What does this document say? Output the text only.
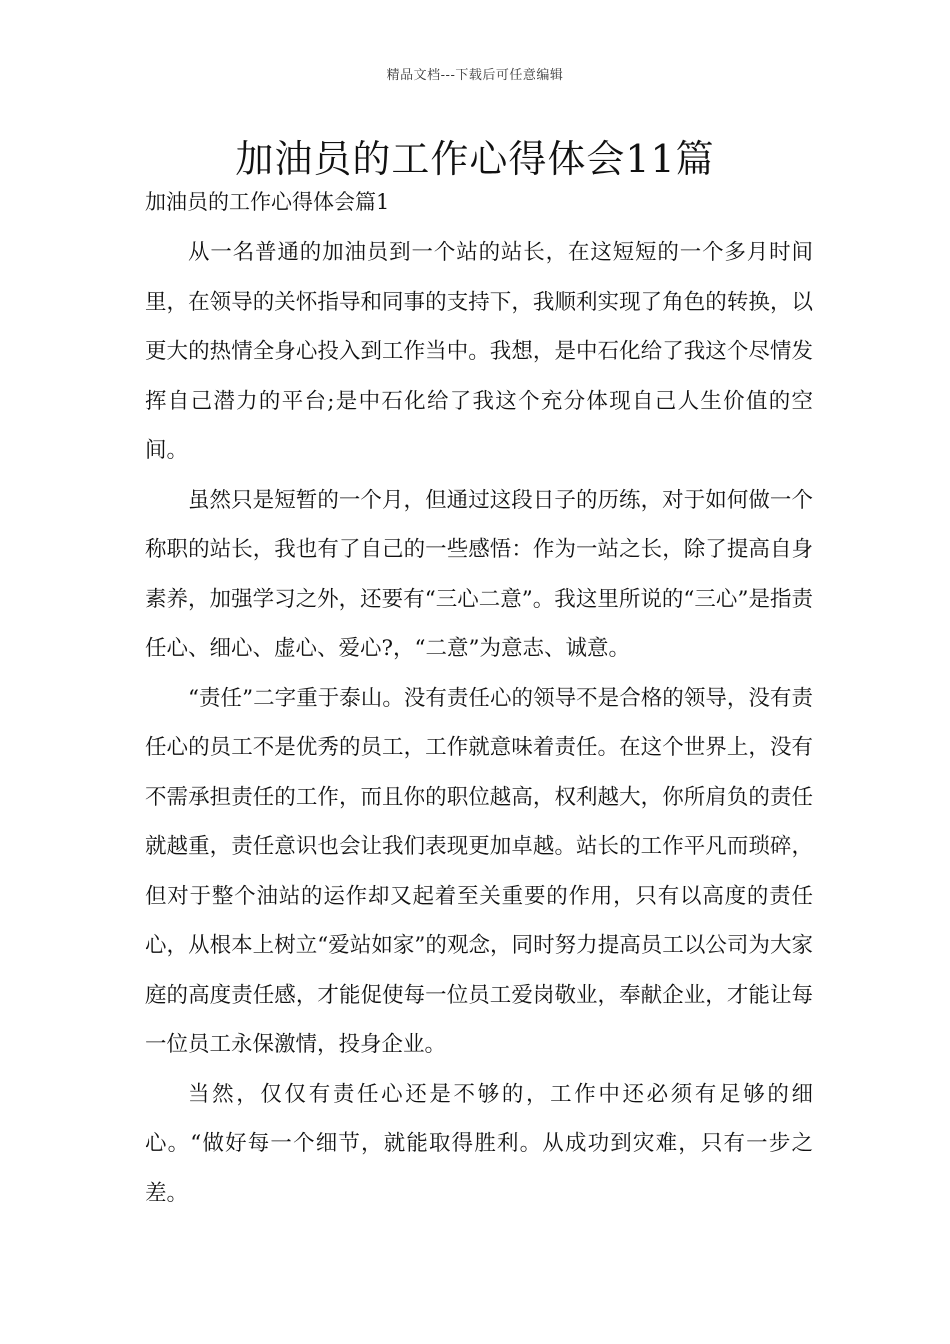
精品文档---下载后可任意编辑
加油员的工作心得体会11篇
加油员的工作心得体会篇1

从一名普通的加油员到一个站的站长，在这短短的一个多月时间里，在领导的关怀指导和同事的支持下，我顺利实现了角色的转换，以更大的热情全身心投入到工作当中。我想，是中石化给了我这个尽情发挥自己潜力的平台;是中石化给了我这个充分体现自己人生价值的空间。

虽然只是短暂的一个月，但通过这段日子的历练，对于如何做一个称职的站长，我也有了自己的一些感悟：作为一站之长，除了提高自身素养，加强学习之外，还要有“三心二意”。我这里所说的“三心”是指责任心、细心、虚心、爱心?，“二意”为意志、诚意。

“责任”二字重于泰山。没有责任心的领导不是合格的领导，没有责任心的员工不是优秀的员工，工作就意味着责任。在这个世界上，没有不需承担责任的工作，而且你的职位越高，权利越大，你所肩负的责任就越重，责任意识也会让我们表现更加卓越。站长的工作平凡而琐碎，但对于整个油站的运作却又起着至关重要的作用，只有以高度的责任心，从根本上树立“爱站如家”的观念，同时努力提高员工以公司为大家庭的高度责任感，才能促使每一位员工爱岗敬业，奉献企业，才能让每一位员工永保激情，投身企业。

当然，仅仅有责任心还是不够的，工作中还必须有足够的细心。“做好每一个细节，就能取得胜利。从成功到灾难，只有一步之差。
